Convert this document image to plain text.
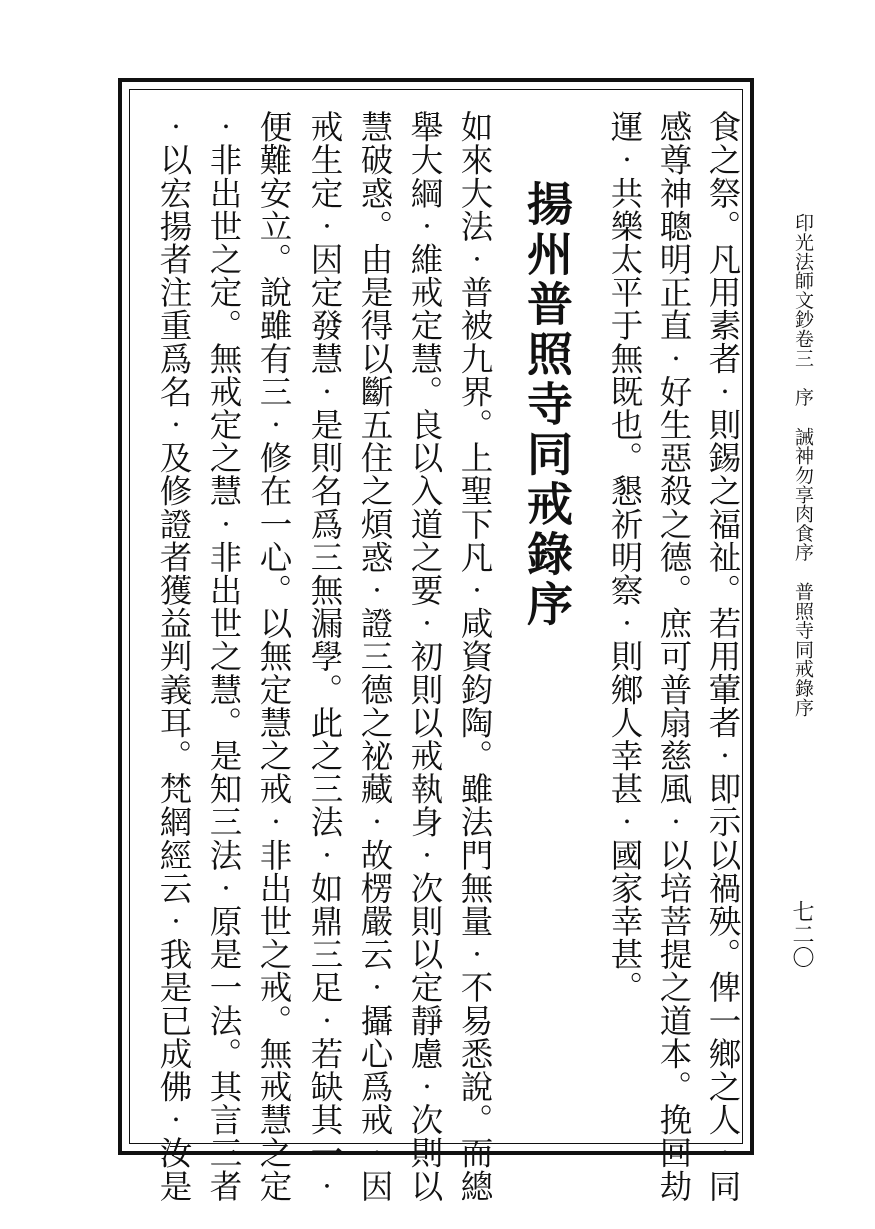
印光法師文鈔卷三序誡神勿享肉食序普照寺同戒錄序
七二〇
食之祭。凡用素者‧則錫之福祉。若用葷者‧即示以禍殃。俾一鄉之人‧同
感尊神聰明正直‧好生惡殺之德。庶可普扇慈風‧以培菩提之道本。挽回劫
運‧共樂太平于無既也。懇祈明察‧則鄉人幸甚‧國家幸甚。
揚州普照寺同戒錄序
如來大法‧普被九界。上聖下凡‧咸資鈞陶。雖法門無量‧不易悉說。而總
舉大綱‧維戒定慧。良以入道之要‧初則以戒執身‧次則以定靜慮‧次則以
慧破惑。由是得以斷五住之煩惑‧證三德之祕藏‧故楞嚴云‧攝心爲戒‧因
戒生定‧因定發慧‧是則名爲三無漏學。此之三法‧如鼎三足‧若缺其一‧
便難安立。說雖有三‧修在一心。以無定慧之戒‧非出世之戒。無戒慧之定
‧非出世之定。無戒定之慧‧非出世之慧。是知三法‧原是一法。其言三者
‧以宏揚者注重爲名‧及修證者獲益判義耳。梵網經云‧我是已成佛‧汝是
